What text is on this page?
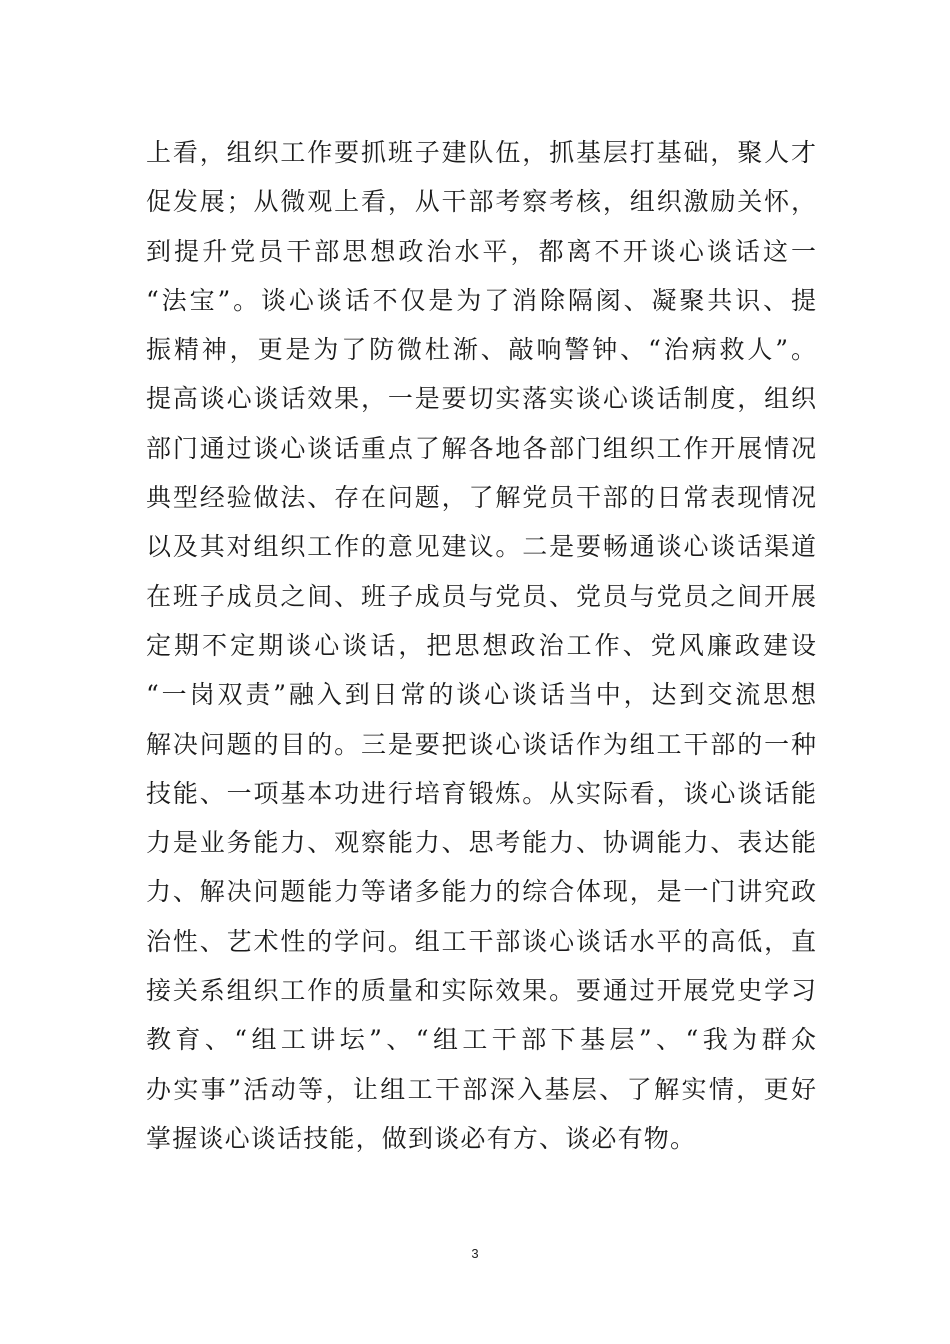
上看，组织工作要抓班子建队伍，抓基层打基础，聚人才
促发展；从微观上看，从干部考察考核，组织激励关怀，
到提升党员干部思想政治水平，都离不开谈心谈话这一
“法宝”。谈心谈话不仅是为了消除隔阂、凝聚共识、提
振精神，更是为了防微杜渐、敲响警钟、“治病救人”。
提高谈心谈话效果，一是要切实落实谈心谈话制度，组织
部门通过谈心谈话重点了解各地各部门组织工作开展情况
典型经验做法、存在问题，了解党员干部的日常表现情况
以及其对组织工作的意见建议。二是要畅通谈心谈话渠道
在班子成员之间、班子成员与党员、党员与党员之间开展
定期不定期谈心谈话，把思想政治工作、党风廉政建设
“一岗双责”融入到日常的谈心谈话当中，达到交流思想
解决问题的目的。三是要把谈心谈话作为组工干部的一种
技能、一项基本功进行培育锻炼。从实际看，谈心谈话能
力是业务能力、观察能力、思考能力、协调能力、表达能
力、解决问题能力等诸多能力的综合体现，是一门讲究政
治性、艺术性的学问。组工干部谈心谈话水平的高低，直
接关系组织工作的质量和实际效果。要通过开展党史学习
教育、“组工讲坛”、“组工干部下基层”、“我为群众
办实事”活动等，让组工干部深入基层、了解实情，更好
掌握谈心谈话技能，做到谈必有方、谈必有物。
3
